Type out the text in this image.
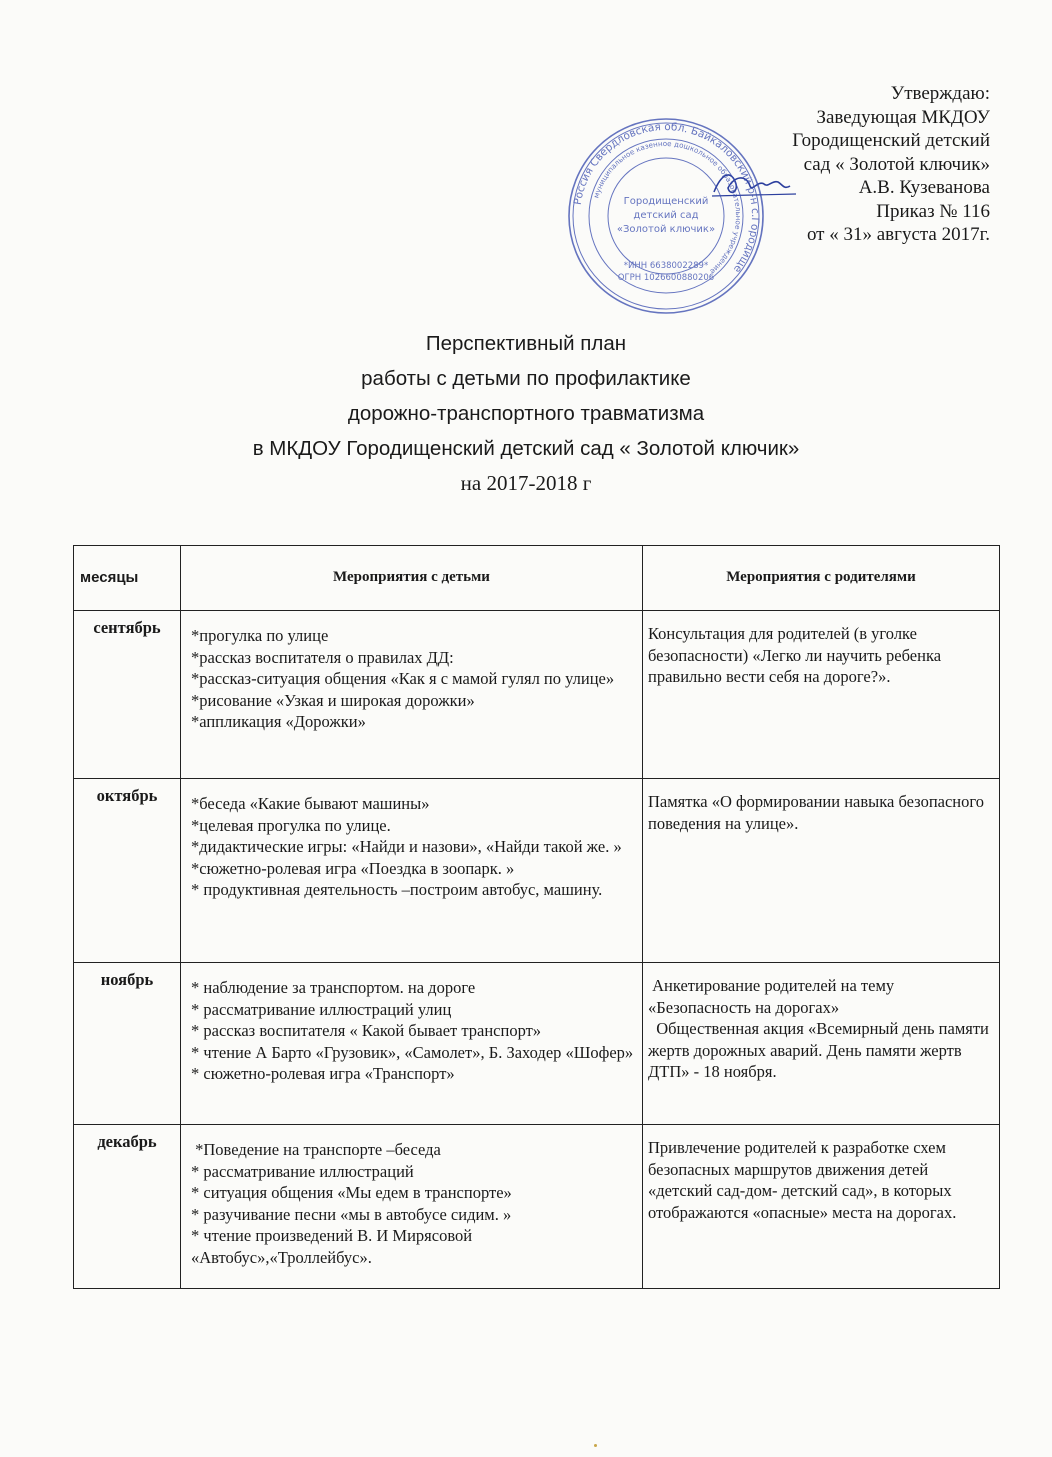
Утверждаю:
Заведующая МКДОУ
Городищенский детский
сад « Золотой ключик»
А.В. Кузеванова
Приказ № 116
от « 31» августа 2017г.
Россия Свердловская обл. Байкаловский р-н с.Городище
муниципальное казенное дошкольное образовательное учреждение
Городищенский
детский сад
«Золотой ключик»
*ИНН 6638002289*
ОГРН 1026600880206
Перспективный план
работы с детьми по профилактике
дорожно-транспортного травматизма
в МКДОУ Городищенский детский сад « Золотой ключик»
на 2017-2018 г
месяцы	Мероприятия с детьми	Мероприятия с родителями
сентябрь	*прогулка по улице
*рассказ воспитателя о правилах ДД:
*рассказ-ситуация общения «Как я с мамой гулял по улице»
*рисование «Узкая и широкая дорожки»
*аппликация «Дорожки»	Консультация для родителей (в уголке безопасности) «Легко ли научить ребенка правильно вести себя на дороге?».

октябрь	*беседа «Какие бывают машины»
*целевая прогулка по улице.
*дидактические игры: «Найди и назови», «Найди такой же. »
*сюжетно-ролевая игра «Поездка в зоопарк. »
* продуктивная деятельность –построим автобус, машину.	Памятка «О формировании навыка безопасного поведения на улице».

ноябрь	* наблюдение за транспортом. на дороге
* рассматривание иллюстраций улиц
* рассказ воспитателя « Какой бывает транспорт»
* чтение А Барто «Грузовик», «Самолет», Б. Заходер «Шофер»
* сюжетно-ролевая игра «Транспорт»	Анкетирование родителей на тему «Безопасность на дорогах»
Общественная акция «Всемирный день памяти жертв дорожных аварий. День памяти жертв ДТП» - 18 ноября.

декабрь	*Поведение на транспорте –беседа
* рассматривание иллюстраций
* ситуация общения «Мы едем в транспорте»
* разучивание песни «мы в автобусе сидим. »
* чтение произведений В. И Мирясовой «Автобус»,«Троллейбус».	Привлечение родителей к разработке схем безопасных маршрутов движения детей «детский сад-дом- детский сад», в которых отображаются «опасные» места на дорогах.
